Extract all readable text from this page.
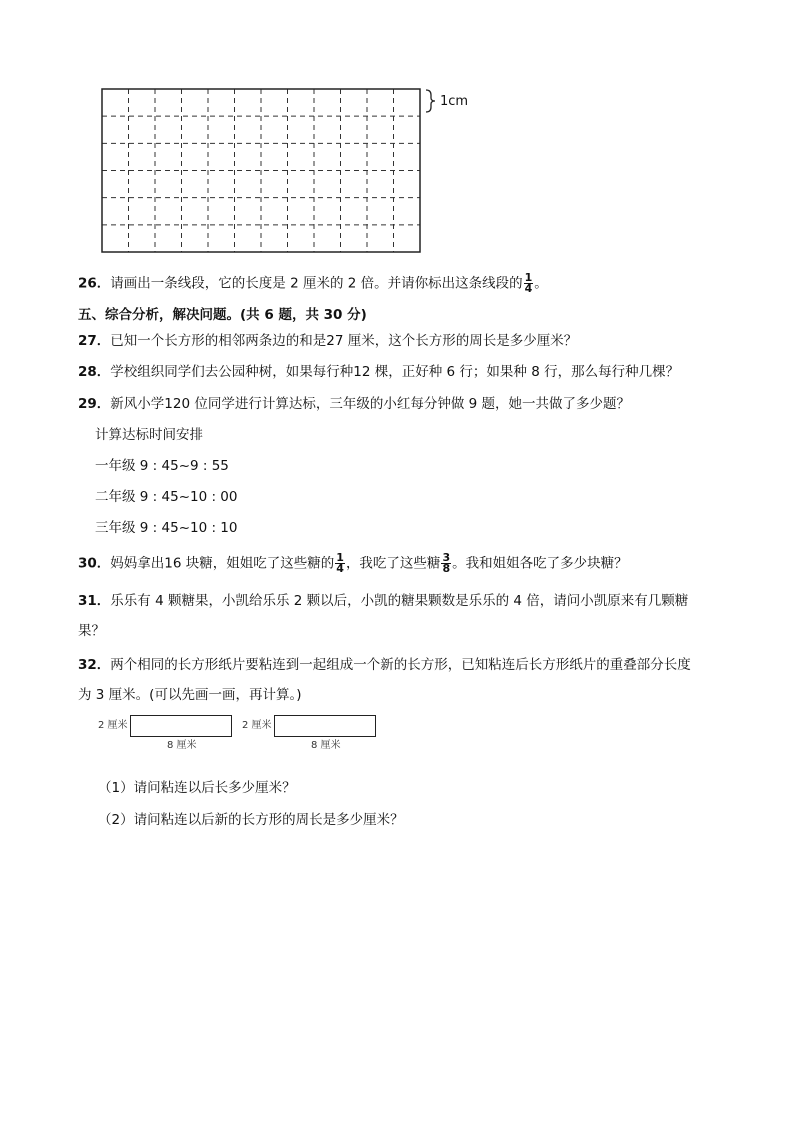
1cm
26．请画出一条线段，它的长度是 2 厘米的 2 倍。并请你标出这条线段的 $\frac{1}{4}$ 。
五、综合分析，解决问题。(共 6 题，共 30 分)
27．已知一个长方形的相邻两条边的和是27 厘米，这个长方形的周长是多少厘米？
28．学校组织同学们去公园种树，如果每行种12 棵，正好种 6 行；如果种 8 行，那么每行种几棵？
29．新风小学120 位同学进行计算达标，三年级的小红每分钟做 9 题，她一共做了多少题？
计算达标时间安排
一年级 9 : 45~9 : 55
二年级 9 : 45~10 : 00
三年级 9 : 45~10 : 10
30．妈妈拿出16 块糖，姐姐吃了这些糖的 $\frac{1}{4}$ ，我吃了这些糖 $\frac{3}{8}$ 。我和姐姐各吃了多少块糖？
31．乐乐有 4 颗糖果，小凯给乐乐 2 颗以后，小凯的糖果颗数是乐乐的 4 倍，请问小凯原来有几颗糖
果？
32．两个相同的长方形纸片要粘连到一起组成一个新的长方形，已知粘连后长方形纸片的重叠部分长度
为 3 厘米。(可以先画一画，再计算。)
2 厘米
8 厘米
2 厘米
8 厘米
（1）请问粘连以后长多少厘米？
（2）请问粘连以后新的长方形的周长是多少厘米？
